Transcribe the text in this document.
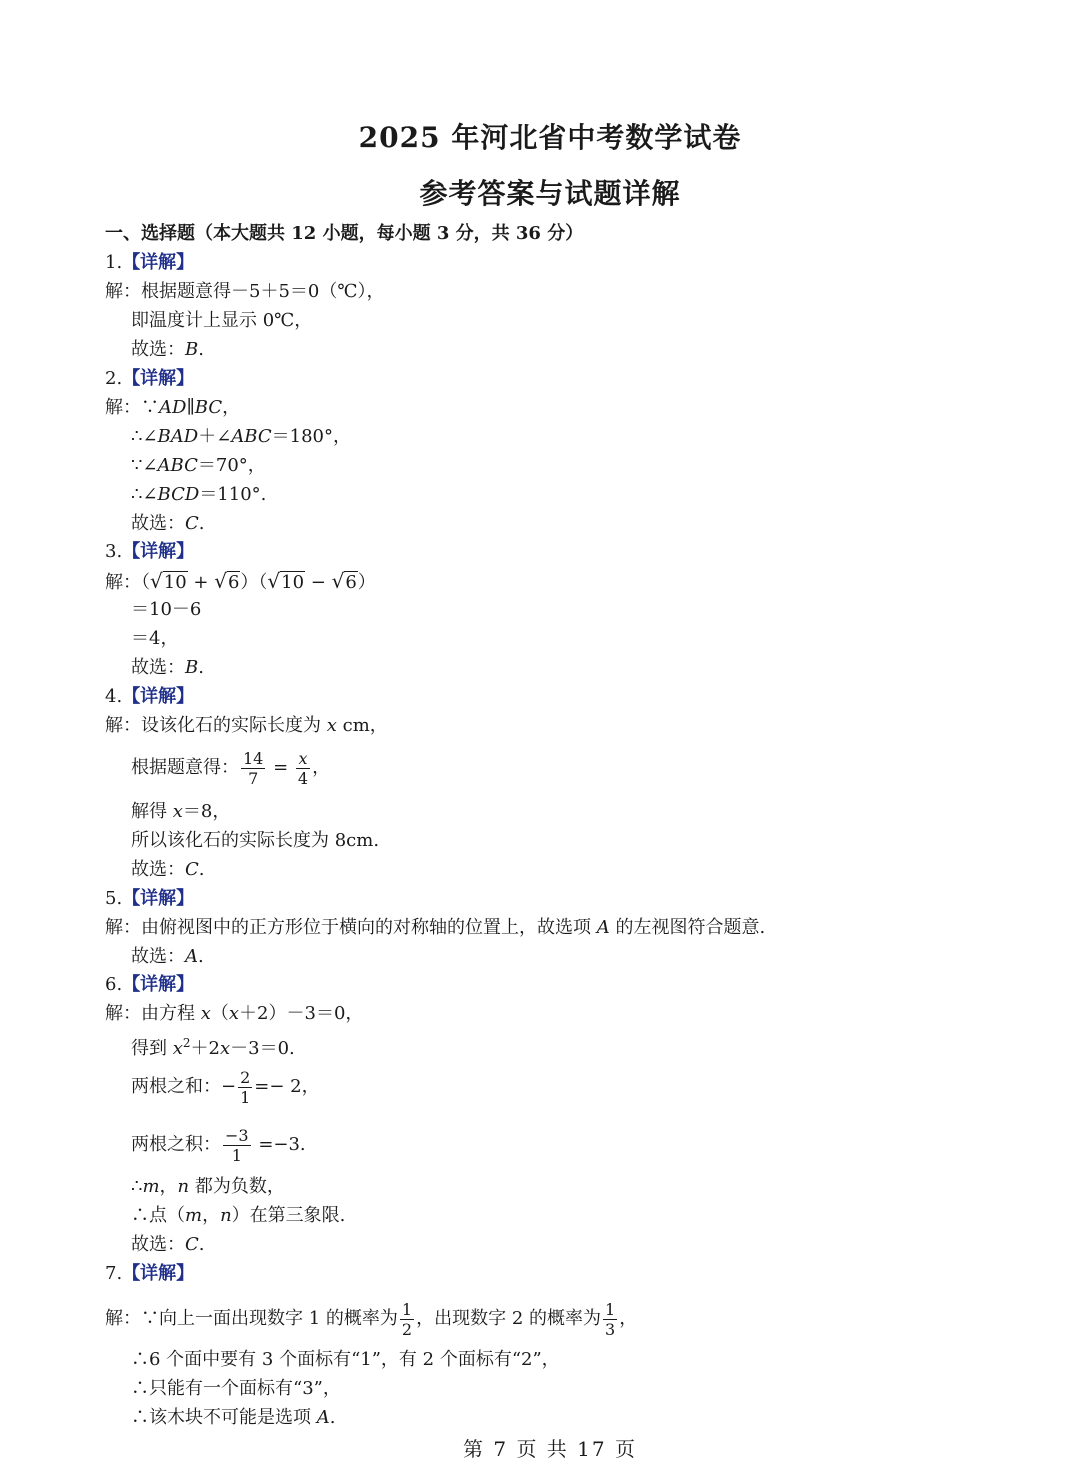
2025 年河北省中考数学试卷
参考答案与试题详解
一、选择题（本大题共 12 小题，每小题 3 分，共 36 分）
1.【详解】
解：根据题意得－5＋5＝0（℃），
即温度计上显示 0℃，
故选：B.
2.【详解】
解：∵AD∥BC，
∴∠BAD＋∠ABC＝180°，
∵∠ABC＝70°，
∴∠BCD＝110°.
故选：C.
3.【详解】
解：（√10 + √6）（√10 − √6）
＝10－6
＝4，
故选：B.
4.【详解】
解：设该化石的实际长度为 x cm，
根据题意得： $\frac{14}{7} = \frac{x}{4}$ ，
解得 x＝8，
所以该化石的实际长度为 8cm.
故选：C.
5.【详解】
解：由俯视图中的正方形位于横向的对称轴的位置上，故选项 A 的左视图符合题意.
故选：A.
6.【详解】
解：由方程 x（x＋2）－3＝0，
得到 $x^2+2x-3=0$.
两根之和：− $\frac{2}{1} =- 2$，
两根之积： $\frac{-3}{1} =-3$.
∴m，n 都为负数，
∴点（m，n）在第三象限.
故选：C.
7.【详解】
解：∵向上一面出现数字 1 的概率为 $\frac{1}{2}$ ，出现数字 2 的概率为 $\frac{1}{3}$ ，
∴6 个面中要有 3 个面标有“1”，有 2 个面标有“2”，
∴只能有一个面标有“3”，
∴该木块不可能是选项 A.
第 7 页 共 17 页
